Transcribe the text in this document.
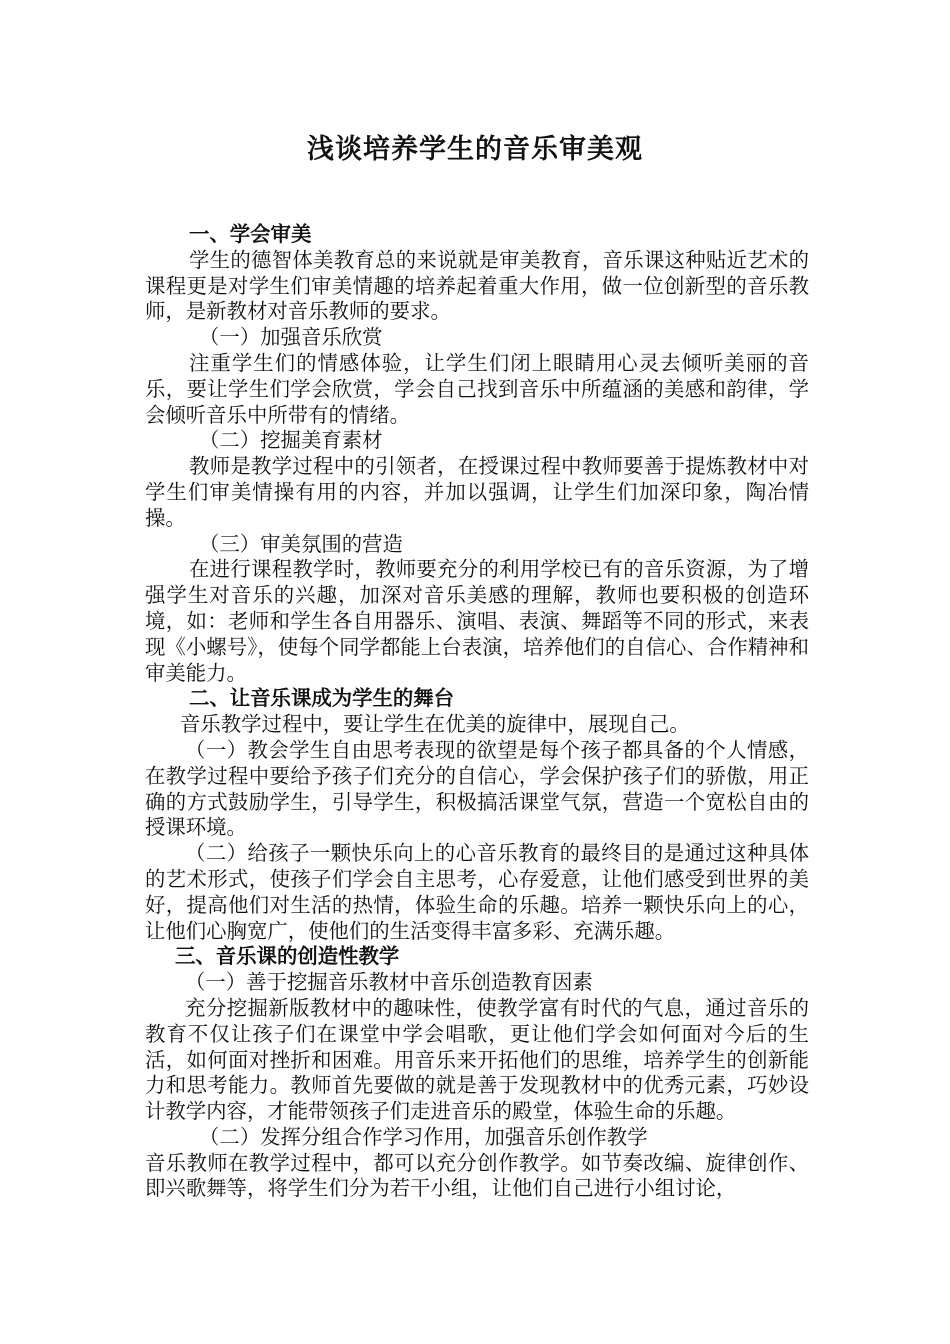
浅谈培养学生的音乐审美观

一、学会审美

学生的德智体美教育总的来说就是审美教育，音乐课这种贴近艺术的课程更是对学生们审美情趣的培养起着重大作用，做一位创新型的音乐教师，是新教材对音乐教师的要求。

（一）加强音乐欣赏

注重学生们的情感体验，让学生们闭上眼睛用心灵去倾听美丽的音乐，要让学生们学会欣赏，学会自己找到音乐中所蕴涵的美感和韵律，学会倾听音乐中所带有的情绪。

（二）挖掘美育素材

教师是教学过程中的引领者，在授课过程中教师要善于提炼教材中对学生们审美情操有用的内容，并加以强调，让学生们加深印象，陶冶情操。

（三）审美氛围的营造

在进行课程教学时，教师要充分的利用学校已有的音乐资源，为了增强学生对音乐的兴趣，加深对音乐美感的理解，教师也要积极的创造环境，如：老师和学生各自用器乐、演唱、表演、舞蹈等不同的形式，来表现《小螺号》，使每个同学都能上台表演，培养他们的自信心、合作精神和审美能力。

二、让音乐课成为学生的舞台

音乐教学过程中，要让学生在优美的旋律中，展现自己。

（一）教会学生自由思考表现的欲望是每个孩子都具备的个人情感，在教学过程中要给予孩子们充分的自信心，学会保护孩子们的骄傲，用正确的方式鼓励学生，引导学生，积极搞活课堂气氛，营造一个宽松自由的授课环境。

（二）给孩子一颗快乐向上的心音乐教育的最终目的是通过这种具体的艺术形式，使孩子们学会自主思考，心存爱意，让他们感受到世界的美好，提高他们对生活的热情，体验生命的乐趣。培养一颗快乐向上的心，让他们心胸宽广，使他们的生活变得丰富多彩、充满乐趣。

三、音乐课的创造性教学

（一）善于挖掘音乐教材中音乐创造教育因素

充分挖掘新版教材中的趣味性，使教学富有时代的气息，通过音乐的教育不仅让孩子们在课堂中学会唱歌，更让他们学会如何面对今后的生活，如何面对挫折和困难。用音乐来开拓他们的思维，培养学生的创新能力和思考能力。教师首先要做的就是善于发现教材中的优秀元素，巧妙设计教学内容，才能带领孩子们走进音乐的殿堂，体验生命的乐趣。

（二）发挥分组合作学习作用，加强音乐创作教学

音乐教师在教学过程中，都可以充分创作教学。如节奏改编、旋律创作、即兴歌舞等，将学生们分为若干小组，让他们自己进行小组讨论，
